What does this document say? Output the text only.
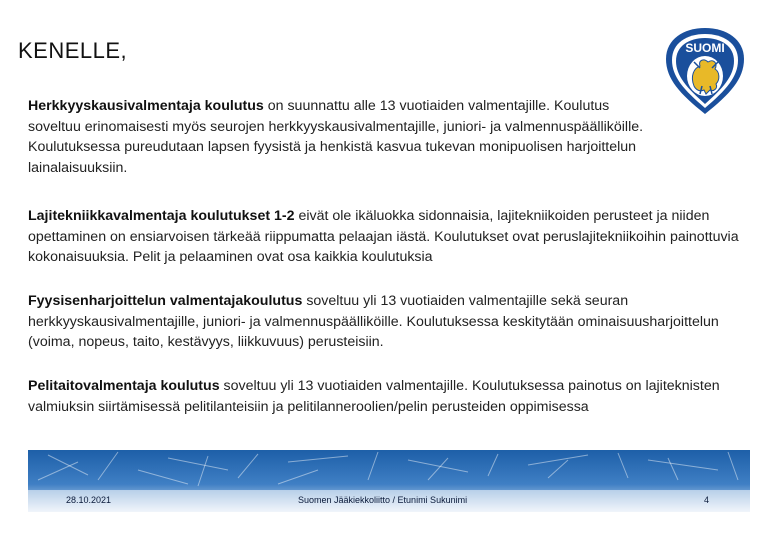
KENELLE,	SUOMI
Herkkyyskausivalmentaja koulutus on suunnattu alle 13 vuotiaiden valmentajille. Koulutus soveltuu erinomaisesti myös seurojen herkkyyskausivalmentajille, juniori- ja valmennuspäälliköille. Koulutuksessa pureudutaan lapsen fyysistä ja henkistä kasvua tukevan monipuolisen harjoittelun lainalaisuuksiin.
Lajitekniikkavalmentaja koulutukset 1-2 eivät ole ikäluokka sidonnaisia, lajitekniikoiden perusteet ja niiden opettaminen on ensiarvoisen tärkeää riippumatta pelaajan iästä. Koulutukset ovat peruslajitekniikoihin painottuvia kokonaisuuksia. Pelit ja pelaaminen ovat osa kaikkia koulutuksia
Fyysisenharjoittelun valmentajakoulutus soveltuu yli 13 vuotiaiden valmentajille sekä seuran herkkyyskausivalmentajille, juniori- ja valmennuspäälliköille. Koulutuksessa keskitytään ominaisuusharjoittelun (voima, nopeus, taito, kestävyys, liikkuvuus) perusteisiin.
Pelitaitovalmentaja koulutus soveltuu yli 13 vuotiaiden valmentajille. Koulutuksessa painotus on lajiteknisten valmiuksin siirtämisessä pelitilanteisiin ja pelitilanneroolien/pelin perusteiden oppimisessa
28.10.2021	Suomen Jääkiekkoliitto / Etunimi Sukunimi	4
